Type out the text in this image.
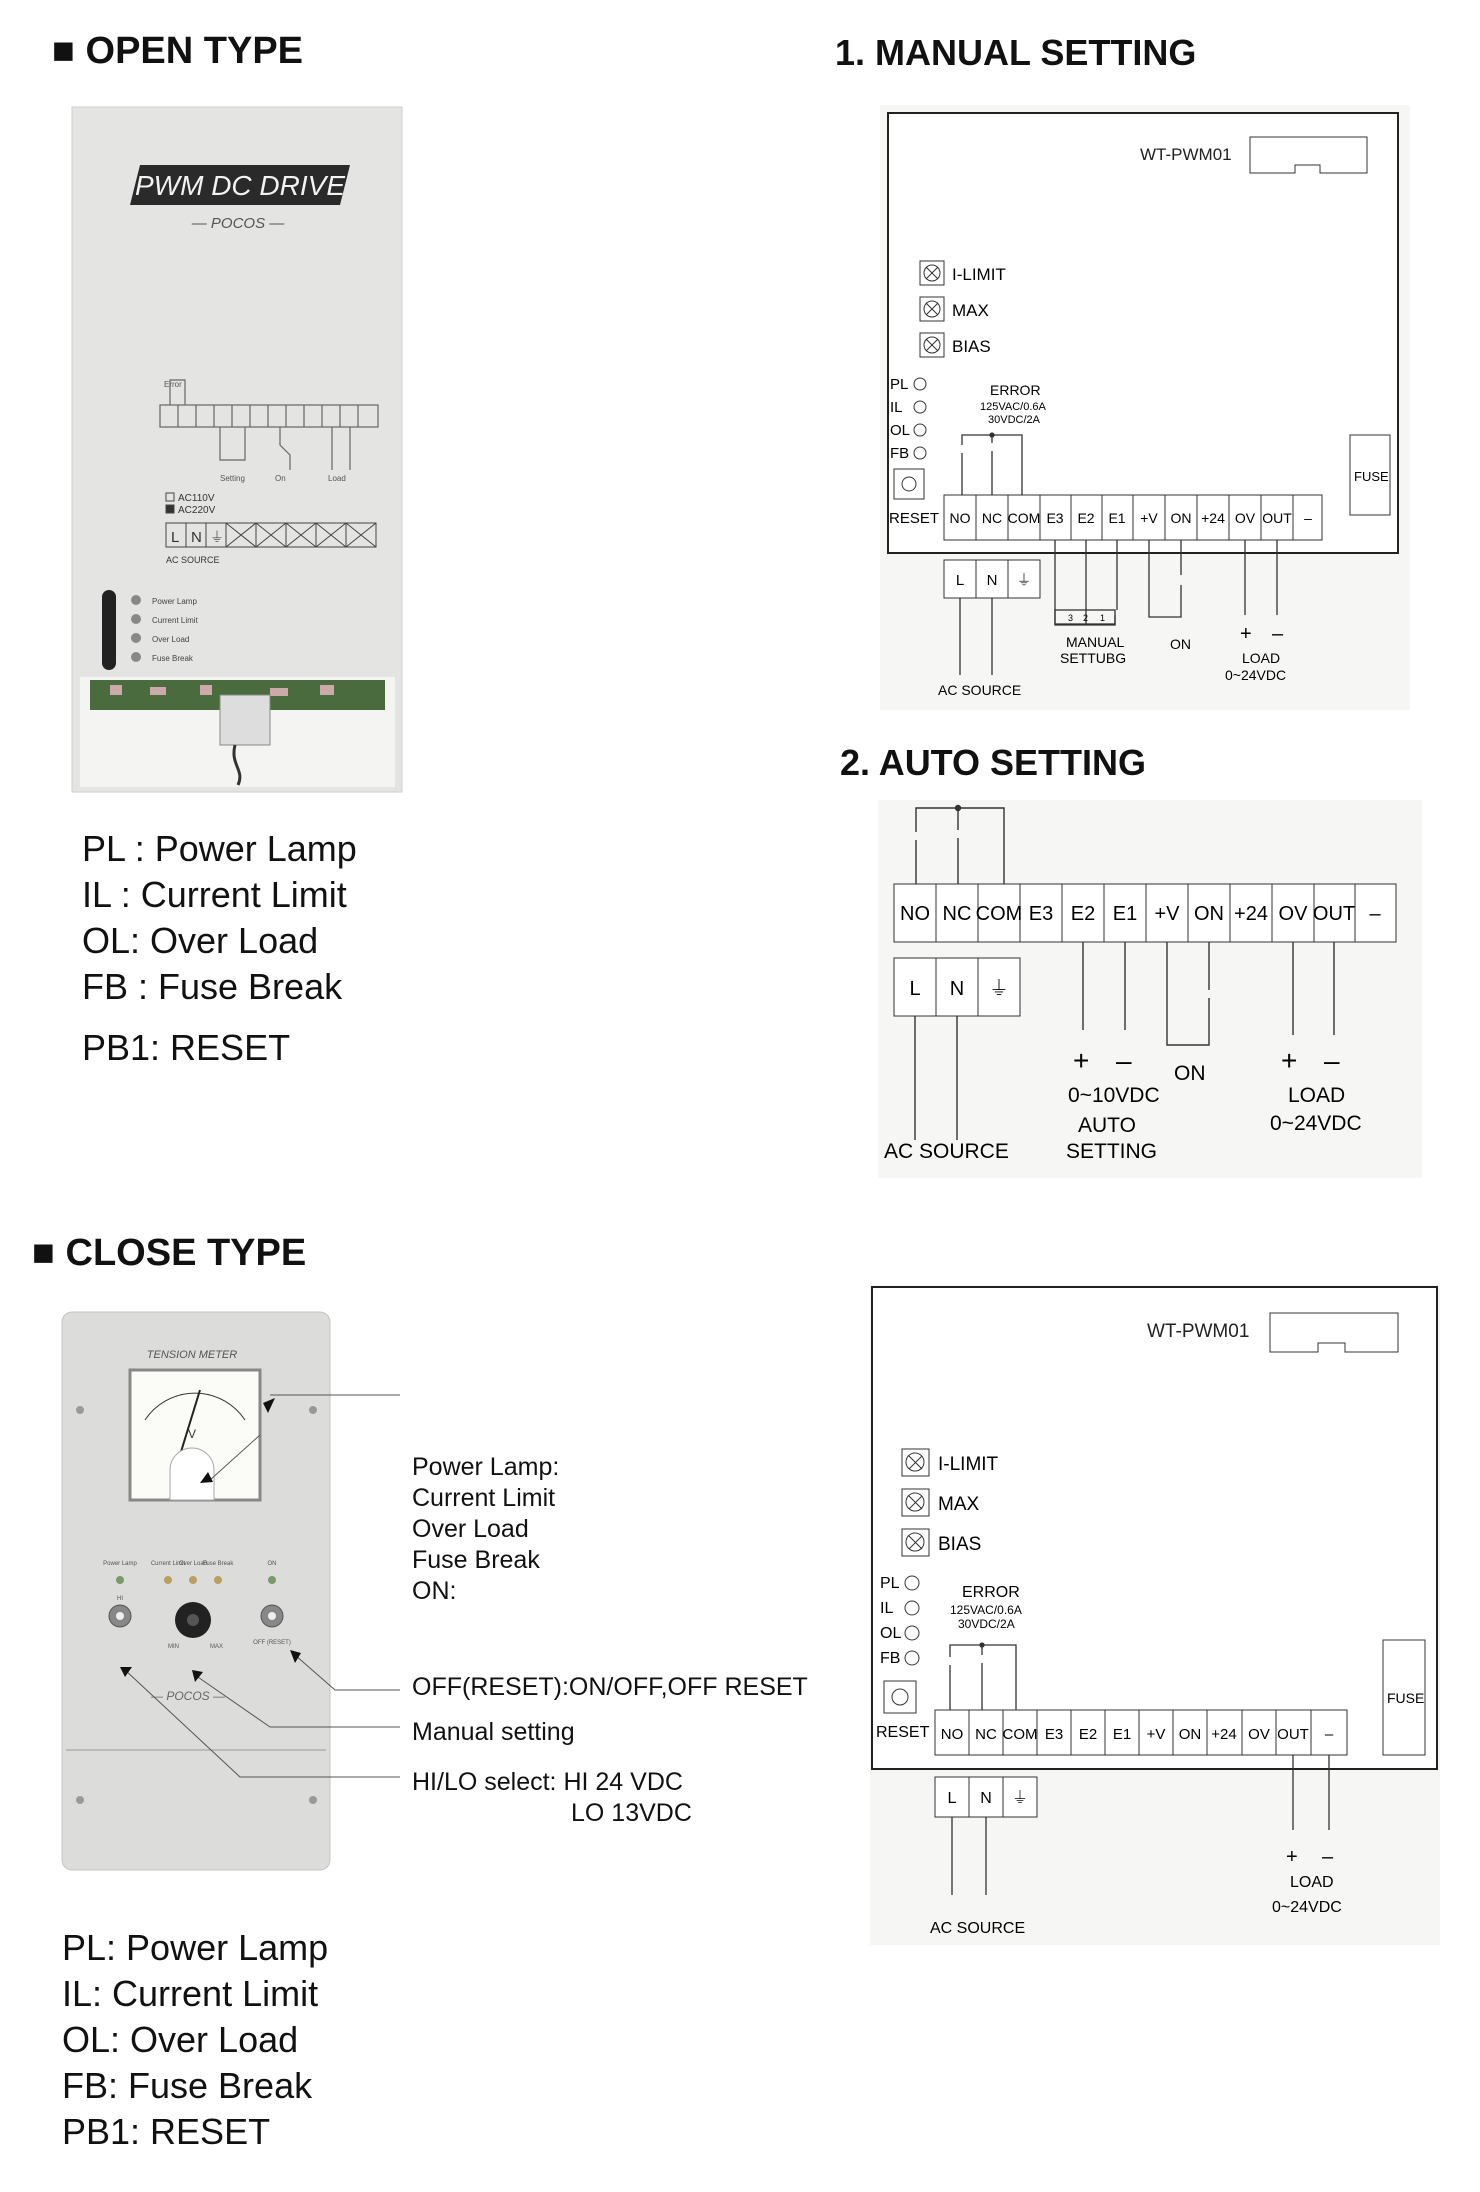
■ OPEN TYPE
PWM DC DRIVE
— POCOS —
Error
Setting	On	Load
AC110V
AC220V
L N ⏚
AC SOURCE
Power Lamp
Current Limit
Over Load
Fuse Break
PL : Power Lamp
IL : Current Limit
OL: Over Load
FB : Fuse Break
PB1: RESET
1. MANUAL SETTING
WT-PWM01
I-LIMIT
MAX
BIAS
PL
IL
OL
FB
ERROR
125VAC/0.6A
30VDC/2A
RESET
FUSE
NO NC COM E3 E2 E1 +V ON +24 OV OUT –
L N ⏚
3 2 1
+ –
MANUAL
SETTUBG
ON
LOAD
0~24VDC
AC SOURCE
2. AUTO SETTING
NO NC COM E3 E2 E1 +V ON +24 OV OUT –
L N ⏚
+ –
0~10VDC
AUTO
SETTING
ON	+ –
LOAD
0~24VDC
AC SOURCE
■ CLOSE TYPE
TENSION METER
V
Power Lamp Current Limit
Over Load
Fuse Break	ON
HI
MIN	MAX
OFF (RESET)
— POCOS —
Power Lamp:
Current Limit
Over Load
Fuse Break
ON:
OFF(RESET):ON/OFF,OFF RESET
Manual setting
HI/LO select: HI 24 VDC
LO 13VDC
PL: Power Lamp
IL: Current Limit
OL: Over Load
FB: Fuse Break
PB1: RESET
WT-PWM01
I-LIMIT
MAX
BIAS
PL
IL
OL
FB
ERROR
125VAC/0.6A
30VDC/2A
RESET
FUSE
NO NC COM E3 E2 E1 +V ON +24 OV OUT –
L N ⏚
+ –
LOAD
0~24VDC
AC SOURCE
